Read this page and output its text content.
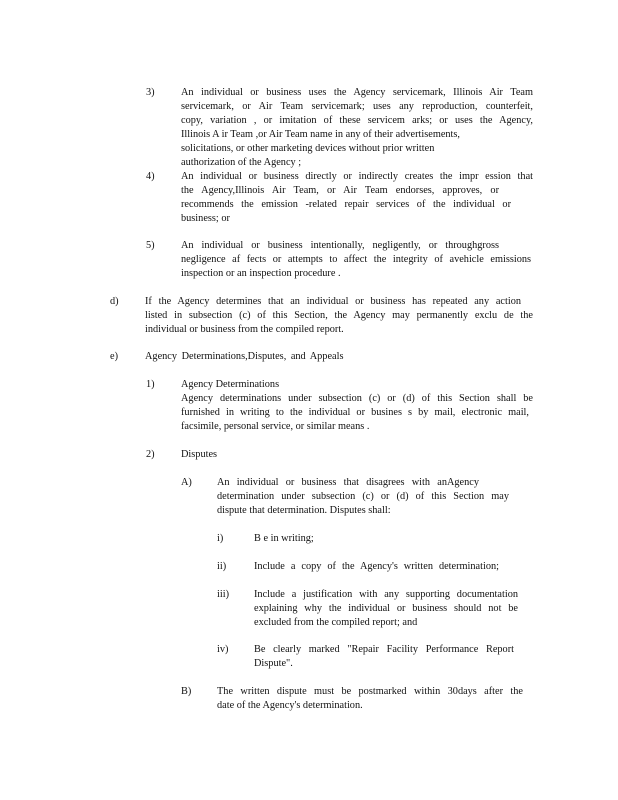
3)	An individual or business uses the Agency servicemark, Illinois Air Team
servicemark, or Air Team servicemark; uses any reproduction, counterfeit,
copy, variation , or imitation of these servicem arks; or uses the Agency,
Illinois A ir Team ,or Air Team name in any of their advertisements,
solicitations, or other marketing devices without prior written
authorization of the Agency ;
4)	An individual or business directly or indirectly creates the impr ession that
the Agency,Illinois Air Team, or Air Team endorses, approves, or
recommends the emission -related repair services of the individual or
business; or
5)	An individual or business intentionally, negligently, or throughgross
negligence af fects or attempts to affect the integrity of avehicle emissions
inspection or an inspection procedure .
d)	If the Agency determines that an individual or business has repeated any action
listed in subsection (c) of this Section, the Agency may permanently exclu de the
individual or business from the compiled report.
e)	Agency Determinations,Disputes, and Appeals
1)	Agency Determinations
Agency determinations under subsection (c) or (d) of this Section shall be
furnished in writing to the individual or busines s by mail, electronic mail,
facsimile, personal service, or similar means .
2)	Disputes
A) An individual or business that disagrees with anAgency
determination under subsection (c) or (d) of this Section may
dispute that determination. Disputes shall:
i)	B e in writing;
ii)	Include a copy of the Agency's written determination;
iii) Include a justification with any supporting documentation
explaining why the individual or business should not be
excluded from the compiled report; and
iv) Be clearly marked "Repair Facility Performance Report
Dispute".
B) The written dispute must be postmarked within 30days after the
date of the Agency's determination.
